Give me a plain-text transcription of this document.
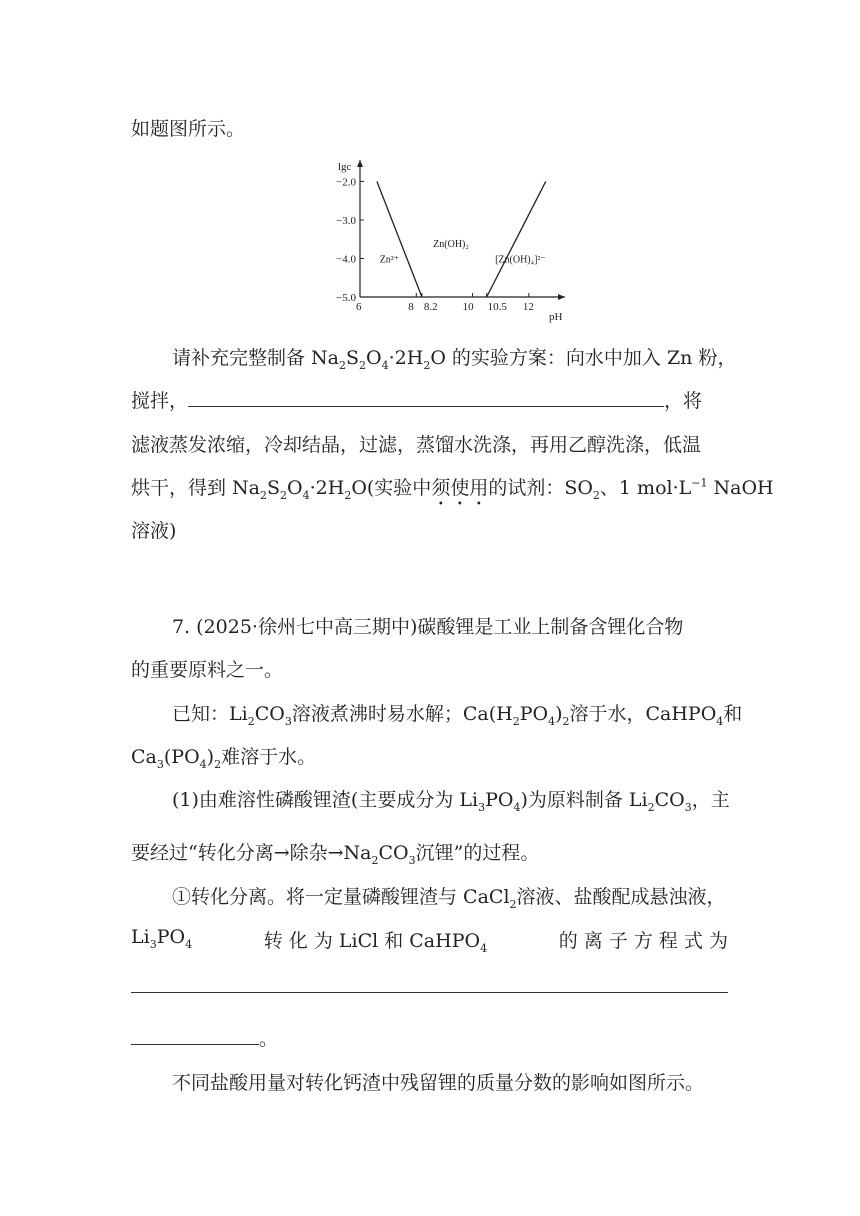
如题图所示。
−2.0
−3.0
−4.0
−5.0
6	8 8.2 10 10.5 12
lgc
pH
Zn²⁺
Zn(OH)₂
[Zn(OH)₄]²⁻
请补充完整制备 $Na_2S_2O_4\cdot 2H_2O$ 的实验方案：向水中加入 Zn 粉，
搅拌，	，将
滤液蒸发浓缩，冷却结晶，过滤，蒸馏水洗涤，再用乙醇洗涤，低温
烘干，得到 $Na_2S_2O_4\cdot 2H_2O$(实验中须使用的试剂：$SO_2$、1 $mol\cdot L^{-1}$ NaOH
溶液)
7. (2025·徐州七中高三期中)碳酸锂是工业上制备含锂化合物
的重要原料之一。
已知：$Li_2CO_3$溶液煮沸时易水解；$Ca(H_2PO_4)_2$溶于水，CaHPO$_4$和
$Ca_3(PO_4)_2$难溶于水。
(1)由难溶性磷酸锂渣(主要成分为 $Li_3PO_4$)为原料制备 $Li_2CO_3$，主
要经过“转化分离→除杂$\to Na_2CO_3$沉锂”的过程。
①转化分离。将一定量磷酸锂渣与 CaCl$_2$溶液、盐酸配成悬浊液，
$Li_3PO_4$	转 化 为 LiCl 和 CaHPO$_4$	的 离 子 方 程 式 为
。
不同盐酸用量对转化钙渣中残留锂的质量分数的影响如图所示。
